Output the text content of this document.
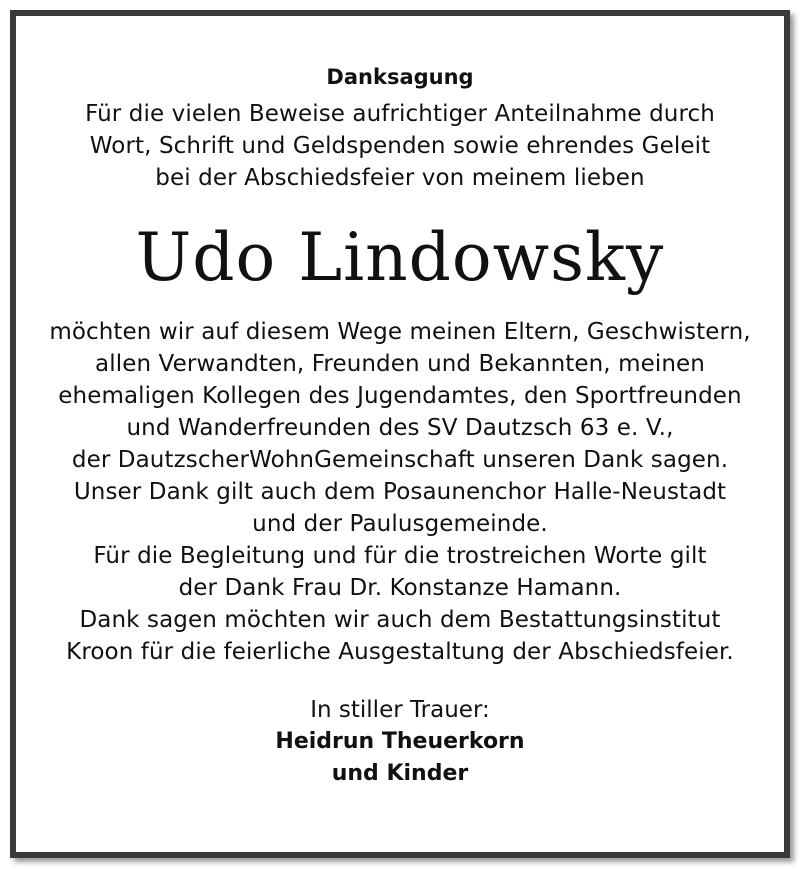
Danksagung
Für die vielen Beweise aufrichtiger Anteilnahme durch
Wort, Schrift und Geldspenden sowie ehrendes Geleit
bei der Abschiedsfeier von meinem lieben
Udo Lindowsky
möchten wir auf diesem Wege meinen Eltern, Geschwistern,
allen Verwandten, Freunden und Bekannten, meinen
ehemaligen Kollegen des Jugendamtes, den Sportfreunden
und Wanderfreunden des SV Dautzsch 63 e. V.,
der DautzscherWohnGemeinschaft unseren Dank sagen.
Unser Dank gilt auch dem Posaunenchor Halle-Neustadt
und der Paulusgemeinde.
Für die Begleitung und für die trostreichen Worte gilt
der Dank Frau Dr. Konstanze Hamann.
Dank sagen möchten wir auch dem Bestattungsinstitut
Kroon für die feierliche Ausgestaltung der Abschiedsfeier.
In stiller Trauer:
Heidrun Theuerkorn
und Kinder
